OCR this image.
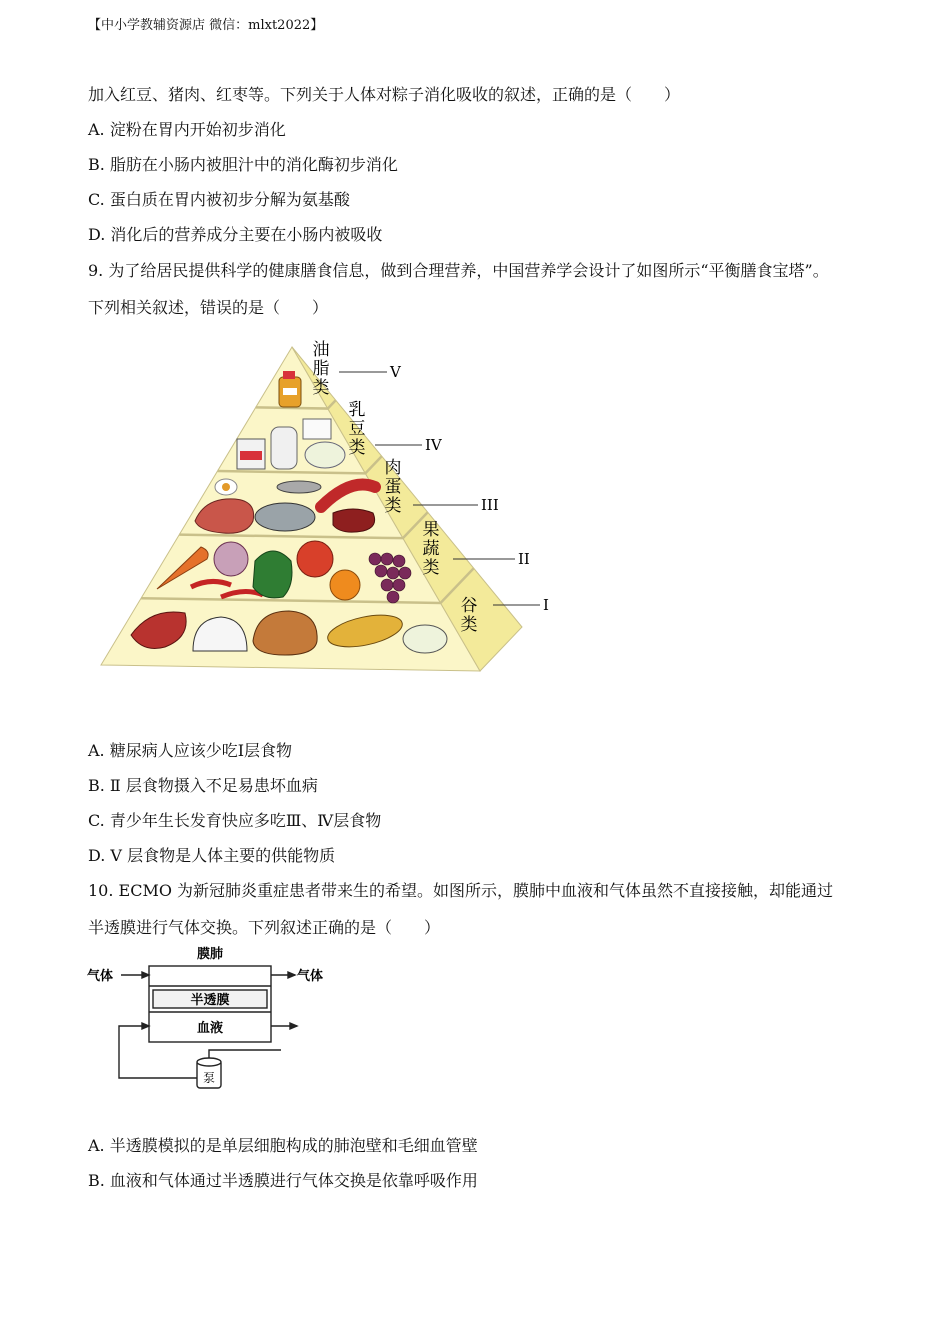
【中小学教辅资源店 微信：mlxt2022】
加入红豆、猪肉、红枣等。下列关于人体对粽子消化吸收的叙述，正确的是（　　）
A. 淀粉在胃内开始初步消化
B. 脂肪在小肠内被胆汁中的消化酶初步消化
C. 蛋白质在胃内被初步分解为氨基酸
D. 消化后的营养成分主要在小肠内被吸收
9. 为了给居民提供科学的健康膳食信息，做到合理营养，中国营养学会设计了如图所示“平衡膳食宝塔”。
下列相关叙述，错误的是（　　）
油
脂
类
V
乳
豆
类	IV
肉
蛋
类	III
果
蔬
类	II
谷
类
I
A. 糖尿病人应该少吃Ⅰ层食物
B. Ⅱ 层食物摄入不足易患坏血病
C. 青少年生长发育快应多吃Ⅲ、Ⅳ层食物
D. Ⅴ 层食物是人体主要的供能物质
10. ECMO 为新冠肺炎重症患者带来生的希望。如图所示，膜肺中血液和气体虽然不直接接触，却能通过
半透膜进行气体交换。下列叙述正确的是（　　）
膜肺
气体	气体
半透膜
血液
泵
A. 半透膜模拟的是单层细胞构成的肺泡壁和毛细血管壁
B. 血液和气体通过半透膜进行气体交换是依靠呼吸作用
